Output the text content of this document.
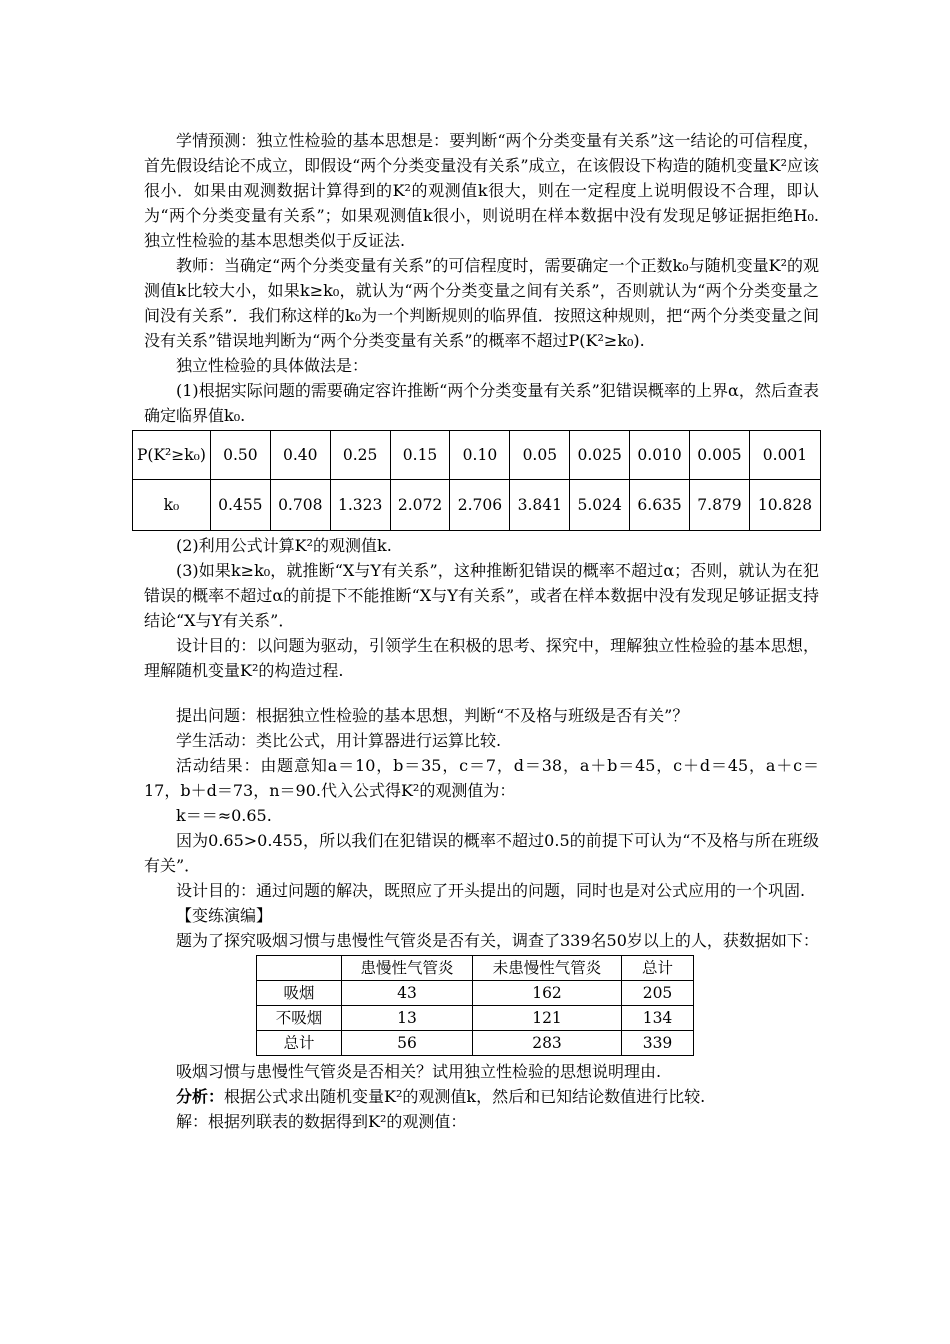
学情预测：独立性检验的基本思想是：要判断“两个分类变量有关系”这一结论的可信程度，首先假设结论不成立，即假设“两个分类变量没有关系”成立，在该假设下构造的随机变量K²应该很小．如果由观测数据计算得到的K²的观测值k很大，则在一定程度上说明假设不合理，即认为“两个分类变量有关系”；如果观测值k很小，则说明在样本数据中没有发现足够证据拒绝H₀.独立性检验的基本思想类似于反证法.

教师：当确定“两个分类变量有关系”的可信程度时，需要确定一个正数k₀与随机变量K²的观测值k比较大小，如果k≥k₀，就认为“两个分类变量之间有关系”，否则就认为“两个分类变量之间没有关系”．我们称这样的k₀为一个判断规则的临界值．按照这种规则，把“两个分类变量之间没有关系”错误地判断为“两个分类变量有关系”的概率不超过P(K²≥k₀).

独立性检验的具体做法是：

(1)根据实际问题的需要确定容许推断“两个分类变量有关系”犯错误概率的上界α，然后查表确定临界值k₀.

P(K²≥k₀)	0.50	0.40	0.25	0.15	0.10	0.05	0.025	0.010	0.005	0.001
k₀	0.455	0.708	1.323	2.072	2.706	3.841	5.024	6.635	7.879	10.828

(2)利用公式计算K²的观测值k.

(3)如果k≥k₀，就推断“X与Y有关系”，这种推断犯错误的概率不超过α；否则，就认为在犯错误的概率不超过α的前提下不能推断“X与Y有关系”，或者在样本数据中没有发现足够证据支持结论“X与Y有关系”．

设计目的：以问题为驱动，引领学生在积极的思考、探究中，理解独立性检验的基本思想，理解随机变量K²的构造过程.

提出问题：根据独立性检验的基本思想，判断“不及格与班级是否有关”？

学生活动：类比公式，用计算器进行运算比较.

活动结果：由题意知a＝10，b＝35，c＝7，d＝38，a＋b＝45，c＋d＝45，a＋c＝17，b＋d＝73，n＝90.代入公式得K²的观测值为：

k＝＝≈0.65.

因为0.65>0.455，所以我们在犯错误的概率不超过0.5的前提下可认为“不及格与所在班级有关”．

设计目的：通过问题的解决，既照应了开头提出的问题，同时也是对公式应用的一个巩固.

【变练演编】

题为了探究吸烟习惯与患慢性气管炎是否有关，调查了339名50岁以上的人，获数据如下：

	患慢性气管炎	未患慢性气管炎	总计
吸烟	43	162	205
不吸烟	13	121	134
总计	56	283	339

吸烟习惯与患慢性气管炎是否相关？试用独立性检验的思想说明理由.

分析：根据公式求出随机变量K²的观测值k，然后和已知结论数值进行比较.

解：根据列联表的数据得到K²的观测值：
